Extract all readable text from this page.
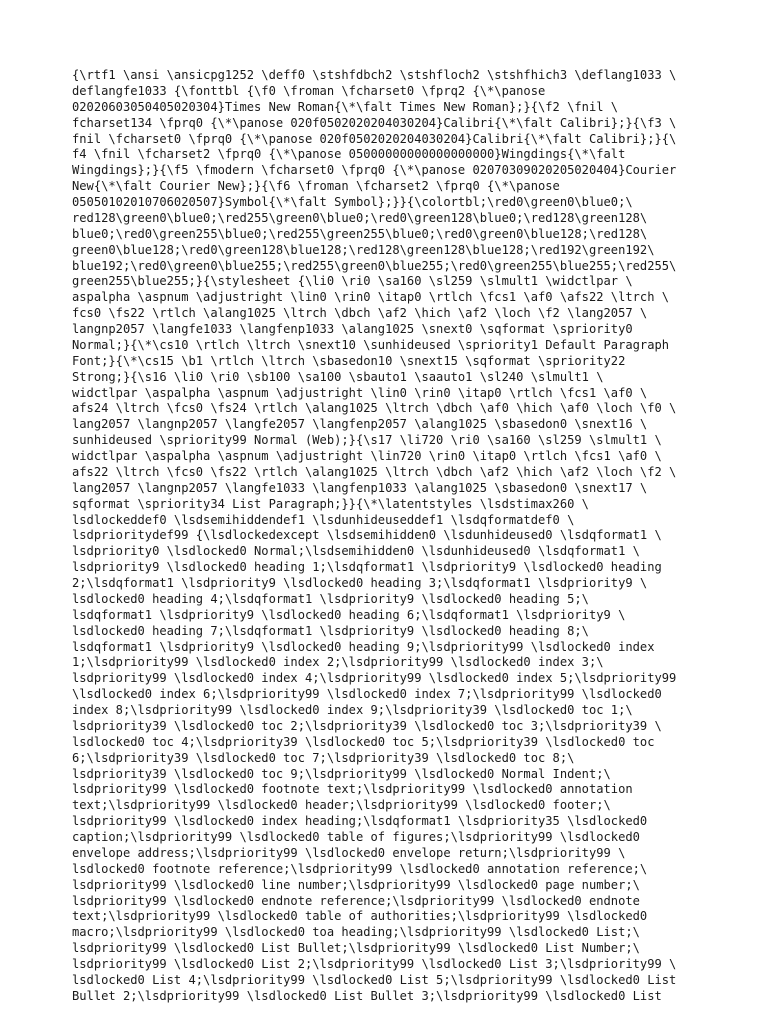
{\rtf1 \ansi \ansicpg1252 \deff0 \stshfdbch2 \stshfloch2 \stshfhich3 \deflang1033 \
deflangfe1033 {\fonttbl {\f0 \froman \fcharset0 \fprq2 {\*\panose
02020603050405020304}Times New Roman{\*\falt Times New Roman};}{\f2 \fnil \
fcharset134 \fprq0 {\*\panose 020f0502020204030204}Calibri{\*\falt Calibri};}{\f3 \
fnil \fcharset0 \fprq0 {\*\panose 020f0502020204030204}Calibri{\*\falt Calibri};}{\
f4 \fnil \fcharset2 \fprq0 {\*\panose 05000000000000000000}Wingdings{\*\falt
Wingdings};}{\f5 \fmodern \fcharset0 \fprq0 {\*\panose 02070309020205020404}Courier
New{\*\falt Courier New};}{\f6 \froman \fcharset2 \fprq0 {\*\panose
05050102010706020507}Symbol{\*\falt Symbol};}}{\colortbl;\red0\green0\blue0;\
red128\green0\blue0;\red255\green0\blue0;\red0\green128\blue0;\red128\green128\
blue0;\red0\green255\blue0;\red255\green255\blue0;\red0\green0\blue128;\red128\
green0\blue128;\red0\green128\blue128;\red128\green128\blue128;\red192\green192\
blue192;\red0\green0\blue255;\red255\green0\blue255;\red0\green255\blue255;\red255\
green255\blue255;}{\stylesheet {\li0 \ri0 \sa160 \sl259 \slmult1 \widctlpar \
aspalpha \aspnum \adjustright \lin0 \rin0 \itap0 \rtlch \fcs1 \af0 \afs22 \ltrch \
fcs0 \fs22 \rtlch \alang1025 \ltrch \dbch \af2 \hich \af2 \loch \f2 \lang2057 \
langnp2057 \langfe1033 \langfenp1033 \alang1025 \snext0 \sqformat \spriority0
Normal;}{\*\cs10 \rtlch \ltrch \snext10 \sunhideused \spriority1 Default Paragraph
Font;}{\*\cs15 \b1 \rtlch \ltrch \sbasedon10 \snext15 \sqformat \spriority22
Strong;}{\s16 \li0 \ri0 \sb100 \sa100 \sbauto1 \saauto1 \sl240 \slmult1 \
widctlpar \aspalpha \aspnum \adjustright \lin0 \rin0 \itap0 \rtlch \fcs1 \af0 \
afs24 \ltrch \fcs0 \fs24 \rtlch \alang1025 \ltrch \dbch \af0 \hich \af0 \loch \f0 \
lang2057 \langnp2057 \langfe2057 \langfenp2057 \alang1025 \sbasedon0 \snext16 \
sunhideused \spriority99 Normal (Web);}{\s17 \li720 \ri0 \sa160 \sl259 \slmult1 \
widctlpar \aspalpha \aspnum \adjustright \lin720 \rin0 \itap0 \rtlch \fcs1 \af0 \
afs22 \ltrch \fcs0 \fs22 \rtlch \alang1025 \ltrch \dbch \af2 \hich \af2 \loch \f2 \
lang2057 \langnp2057 \langfe1033 \langfenp1033 \alang1025 \sbasedon0 \snext17 \
sqformat \spriority34 List Paragraph;}}{\*\latentstyles \lsdstimax260 \
lsdlockeddef0 \lsdsemihiddendef1 \lsdunhideuseddef1 \lsdqformatdef0 \
lsdprioritydef99 {\lsdlockedexcept \lsdsemihidden0 \lsdunhideused0 \lsdqformat1 \
lsdpriority0 \lsdlocked0 Normal;\lsdsemihidden0 \lsdunhideused0 \lsdqformat1 \
lsdpriority9 \lsdlocked0 heading 1;\lsdqformat1 \lsdpriority9 \lsdlocked0 heading
2;\lsdqformat1 \lsdpriority9 \lsdlocked0 heading 3;\lsdqformat1 \lsdpriority9 \
lsdlocked0 heading 4;\lsdqformat1 \lsdpriority9 \lsdlocked0 heading 5;\
lsdqformat1 \lsdpriority9 \lsdlocked0 heading 6;\lsdqformat1 \lsdpriority9 \
lsdlocked0 heading 7;\lsdqformat1 \lsdpriority9 \lsdlocked0 heading 8;\
lsdqformat1 \lsdpriority9 \lsdlocked0 heading 9;\lsdpriority99 \lsdlocked0 index
1;\lsdpriority99 \lsdlocked0 index 2;\lsdpriority99 \lsdlocked0 index 3;\
lsdpriority99 \lsdlocked0 index 4;\lsdpriority99 \lsdlocked0 index 5;\lsdpriority99
\lsdlocked0 index 6;\lsdpriority99 \lsdlocked0 index 7;\lsdpriority99 \lsdlocked0
index 8;\lsdpriority99 \lsdlocked0 index 9;\lsdpriority39 \lsdlocked0 toc 1;\
lsdpriority39 \lsdlocked0 toc 2;\lsdpriority39 \lsdlocked0 toc 3;\lsdpriority39 \
lsdlocked0 toc 4;\lsdpriority39 \lsdlocked0 toc 5;\lsdpriority39 \lsdlocked0 toc
6;\lsdpriority39 \lsdlocked0 toc 7;\lsdpriority39 \lsdlocked0 toc 8;\
lsdpriority39 \lsdlocked0 toc 9;\lsdpriority99 \lsdlocked0 Normal Indent;\
lsdpriority99 \lsdlocked0 footnote text;\lsdpriority99 \lsdlocked0 annotation
text;\lsdpriority99 \lsdlocked0 header;\lsdpriority99 \lsdlocked0 footer;\
lsdpriority99 \lsdlocked0 index heading;\lsdqformat1 \lsdpriority35 \lsdlocked0
caption;\lsdpriority99 \lsdlocked0 table of figures;\lsdpriority99 \lsdlocked0
envelope address;\lsdpriority99 \lsdlocked0 envelope return;\lsdpriority99 \
lsdlocked0 footnote reference;\lsdpriority99 \lsdlocked0 annotation reference;\
lsdpriority99 \lsdlocked0 line number;\lsdpriority99 \lsdlocked0 page number;\
lsdpriority99 \lsdlocked0 endnote reference;\lsdpriority99 \lsdlocked0 endnote
text;\lsdpriority99 \lsdlocked0 table of authorities;\lsdpriority99 \lsdlocked0
macro;\lsdpriority99 \lsdlocked0 toa heading;\lsdpriority99 \lsdlocked0 List;\
lsdpriority99 \lsdlocked0 List Bullet;\lsdpriority99 \lsdlocked0 List Number;\
lsdpriority99 \lsdlocked0 List 2;\lsdpriority99 \lsdlocked0 List 3;\lsdpriority99 \
lsdlocked0 List 4;\lsdpriority99 \lsdlocked0 List 5;\lsdpriority99 \lsdlocked0 List
Bullet 2;\lsdpriority99 \lsdlocked0 List Bullet 3;\lsdpriority99 \lsdlocked0 List
